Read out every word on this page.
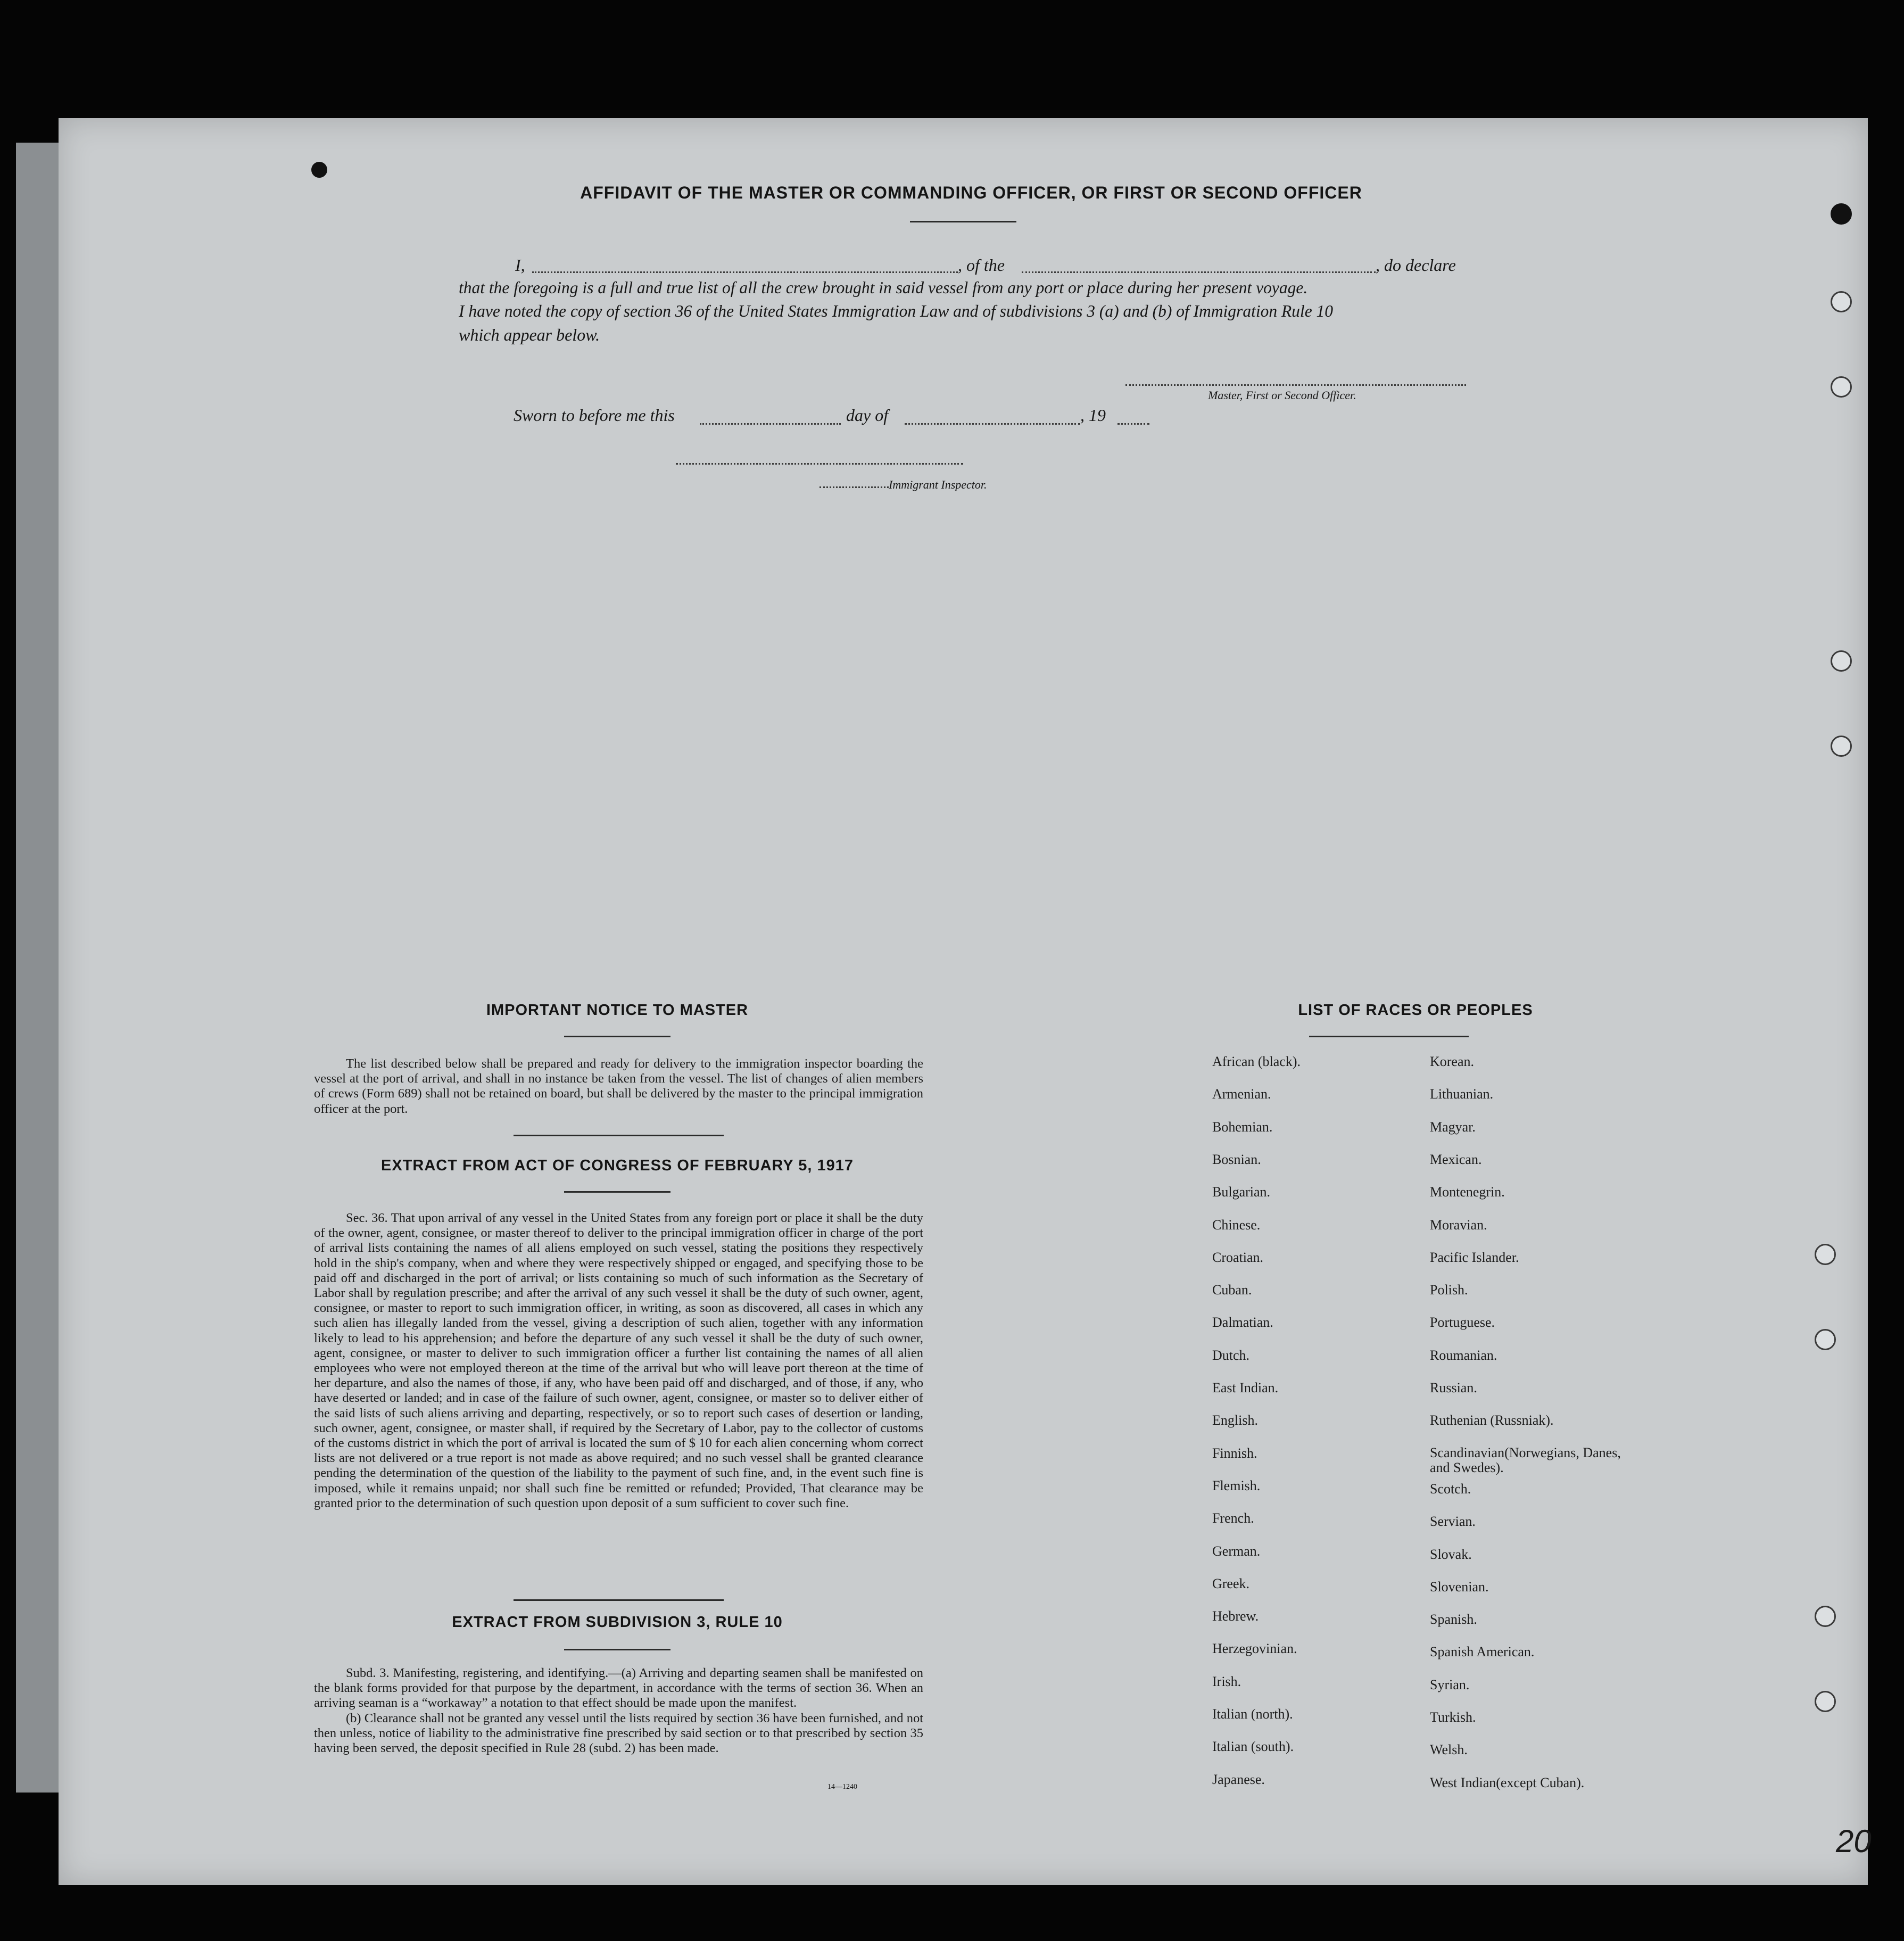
AFFIDAVIT OF THE MASTER OR COMMANDING OFFICER, OR FIRST OR SECOND OFFICER
I,	, of the	, do declare
that the foregoing is a full and true list of all the crew brought in said vessel from any port or place during her present voyage.
I have noted the copy of section 36 of the United States Immigration Law and of subdivisions 3 (a) and (b) of Immigration Rule 10
which appear below.
Master, First or Second Officer.
Sworn to before me this	day of	, 19
Immigrant Inspector.
IMPORTANT NOTICE TO MASTER

The list described below shall be prepared and ready for delivery to the immigration inspector boarding the vessel at the port of arrival, and shall in no instance be taken from the vessel. The list of changes of alien members of crews (Form 689) shall not be retained on board, but shall be delivered by the master to the principal immigration officer at the port.

EXTRACT FROM ACT OF CONGRESS OF FEBRUARY 5, 1917

Sec. 36. That upon arrival of any vessel in the United States from any foreign port or place it shall be the duty of the owner, agent, consignee, or master thereof to deliver to the principal immigration officer in charge of the port of arrival lists containing the names of all aliens employed on such vessel, stating the positions they respectively hold in the ship's company, when and where they were respectively shipped or engaged, and specifying those to be paid off and discharged in the port of arrival; or lists containing so much of such information as the Secretary of Labor shall by regulation prescribe; and after the arrival of any such vessel it shall be the duty of such owner, agent, consignee, or master to report to such immigration officer, in writing, as soon as discovered, all cases in which any such alien has illegally landed from the vessel, giving a description of such alien, together with any information likely to lead to his apprehension; and before the departure of any such vessel it shall be the duty of such owner, agent, consignee, or master to deliver to such immigration officer a further list containing the names of all alien employees who were not employed thereon at the time of the arrival but who will leave port thereon at the time of her departure, and also the names of those, if any, who have been paid off and discharged, and of those, if any, who have deserted or landed; and in case of the failure of such owner, agent, consignee, or master so to deliver either of the said lists of such aliens arriving and departing, respectively, or so to report such cases of desertion or landing, such owner, agent, consignee, or master shall, if required by the Secretary of Labor, pay to the collector of customs of the customs district in which the port of arrival is located the sum of $ 10 for each alien concerning whom correct lists are not delivered or a true report is not made as above required; and no such vessel shall be granted clearance pending the determination of the question of the liability to the payment of such fine, and, in the event such fine is imposed, while it remains unpaid; nor shall such fine be remitted or refunded; Provided, That clearance may be granted prior to the determination of such question upon deposit of a sum sufficient to cover such fine.

EXTRACT FROM SUBDIVISION 3, RULE 10

Subd. 3. Manifesting, registering, and identifying.—(a) Arriving and departing seamen shall be manifested on the blank forms provided for that purpose by the department, in accordance with the terms of section 36. When an arriving seaman is a “workaway” a notation to that effect should be made upon the manifest.

(b) Clearance shall not be granted any vessel until the lists required by section 36 have been furnished, and not then unless, notice of liability to the administrative fine prescribed by said section or to that prescribed by section 35 having been served, the deposit specified in Rule 28 (subd. 2) has been made.

14—1240
LIST OF RACES OR PEOPLES
African (black).
Armenian.
Bohemian.
Bosnian.
Bulgarian.
Chinese.
Croatian.
Cuban.
Dalmatian.
Dutch.
East Indian.
English.
Finnish.
Flemish.
French.
German.
Greek.
Hebrew.
Herzegovinian.
Irish.
Italian (north).
Italian (south).
Japanese.
Korean.
Lithuanian.
Magyar.
Mexican.
Montenegrin.
Moravian.
Pacific Islander.
Polish.
Portuguese.
Roumanian.
Russian.
Ruthenian (Russniak).
Scandinavian(Norwegians, Danes, and Swedes).
Scotch.
Servian.
Slovak.
Slovenian.
Spanish.
Spanish American.
Syrian.
Turkish.
Welsh.
West Indian(except Cuban).
20
